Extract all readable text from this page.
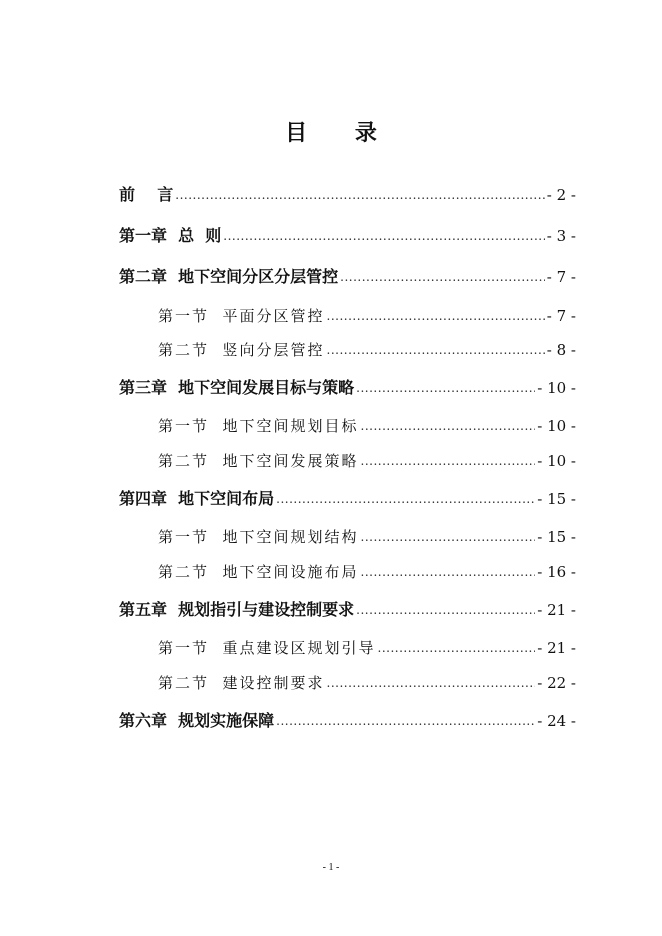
目 录
前    言 .....	- 2 -
第一章  总  则 .....	- 3 -
第二章  地下空间分区分层管控 .....	- 7 -
第一节  平面分区管控 .....	- 7 -
第二节  竖向分层管控 .....	- 8 -
第三章  地下空间发展目标与策略 .....	- 10 -
第一节  地下空间规划目标 .....	- 10 -
第二节  地下空间发展策略 .....	- 10 -
第四章  地下空间布局 .....	- 15 -
第一节  地下空间规划结构 .....	- 15 -
第二节  地下空间设施布局 .....	- 16 -
第五章  规划指引与建设控制要求 .....	- 21 -
第一节  重点建设区规划引导 .....	- 21 -
第二节  建设控制要求 .....	- 22 -
第六章  规划实施保障 .....	- 24 -
- 1 -
